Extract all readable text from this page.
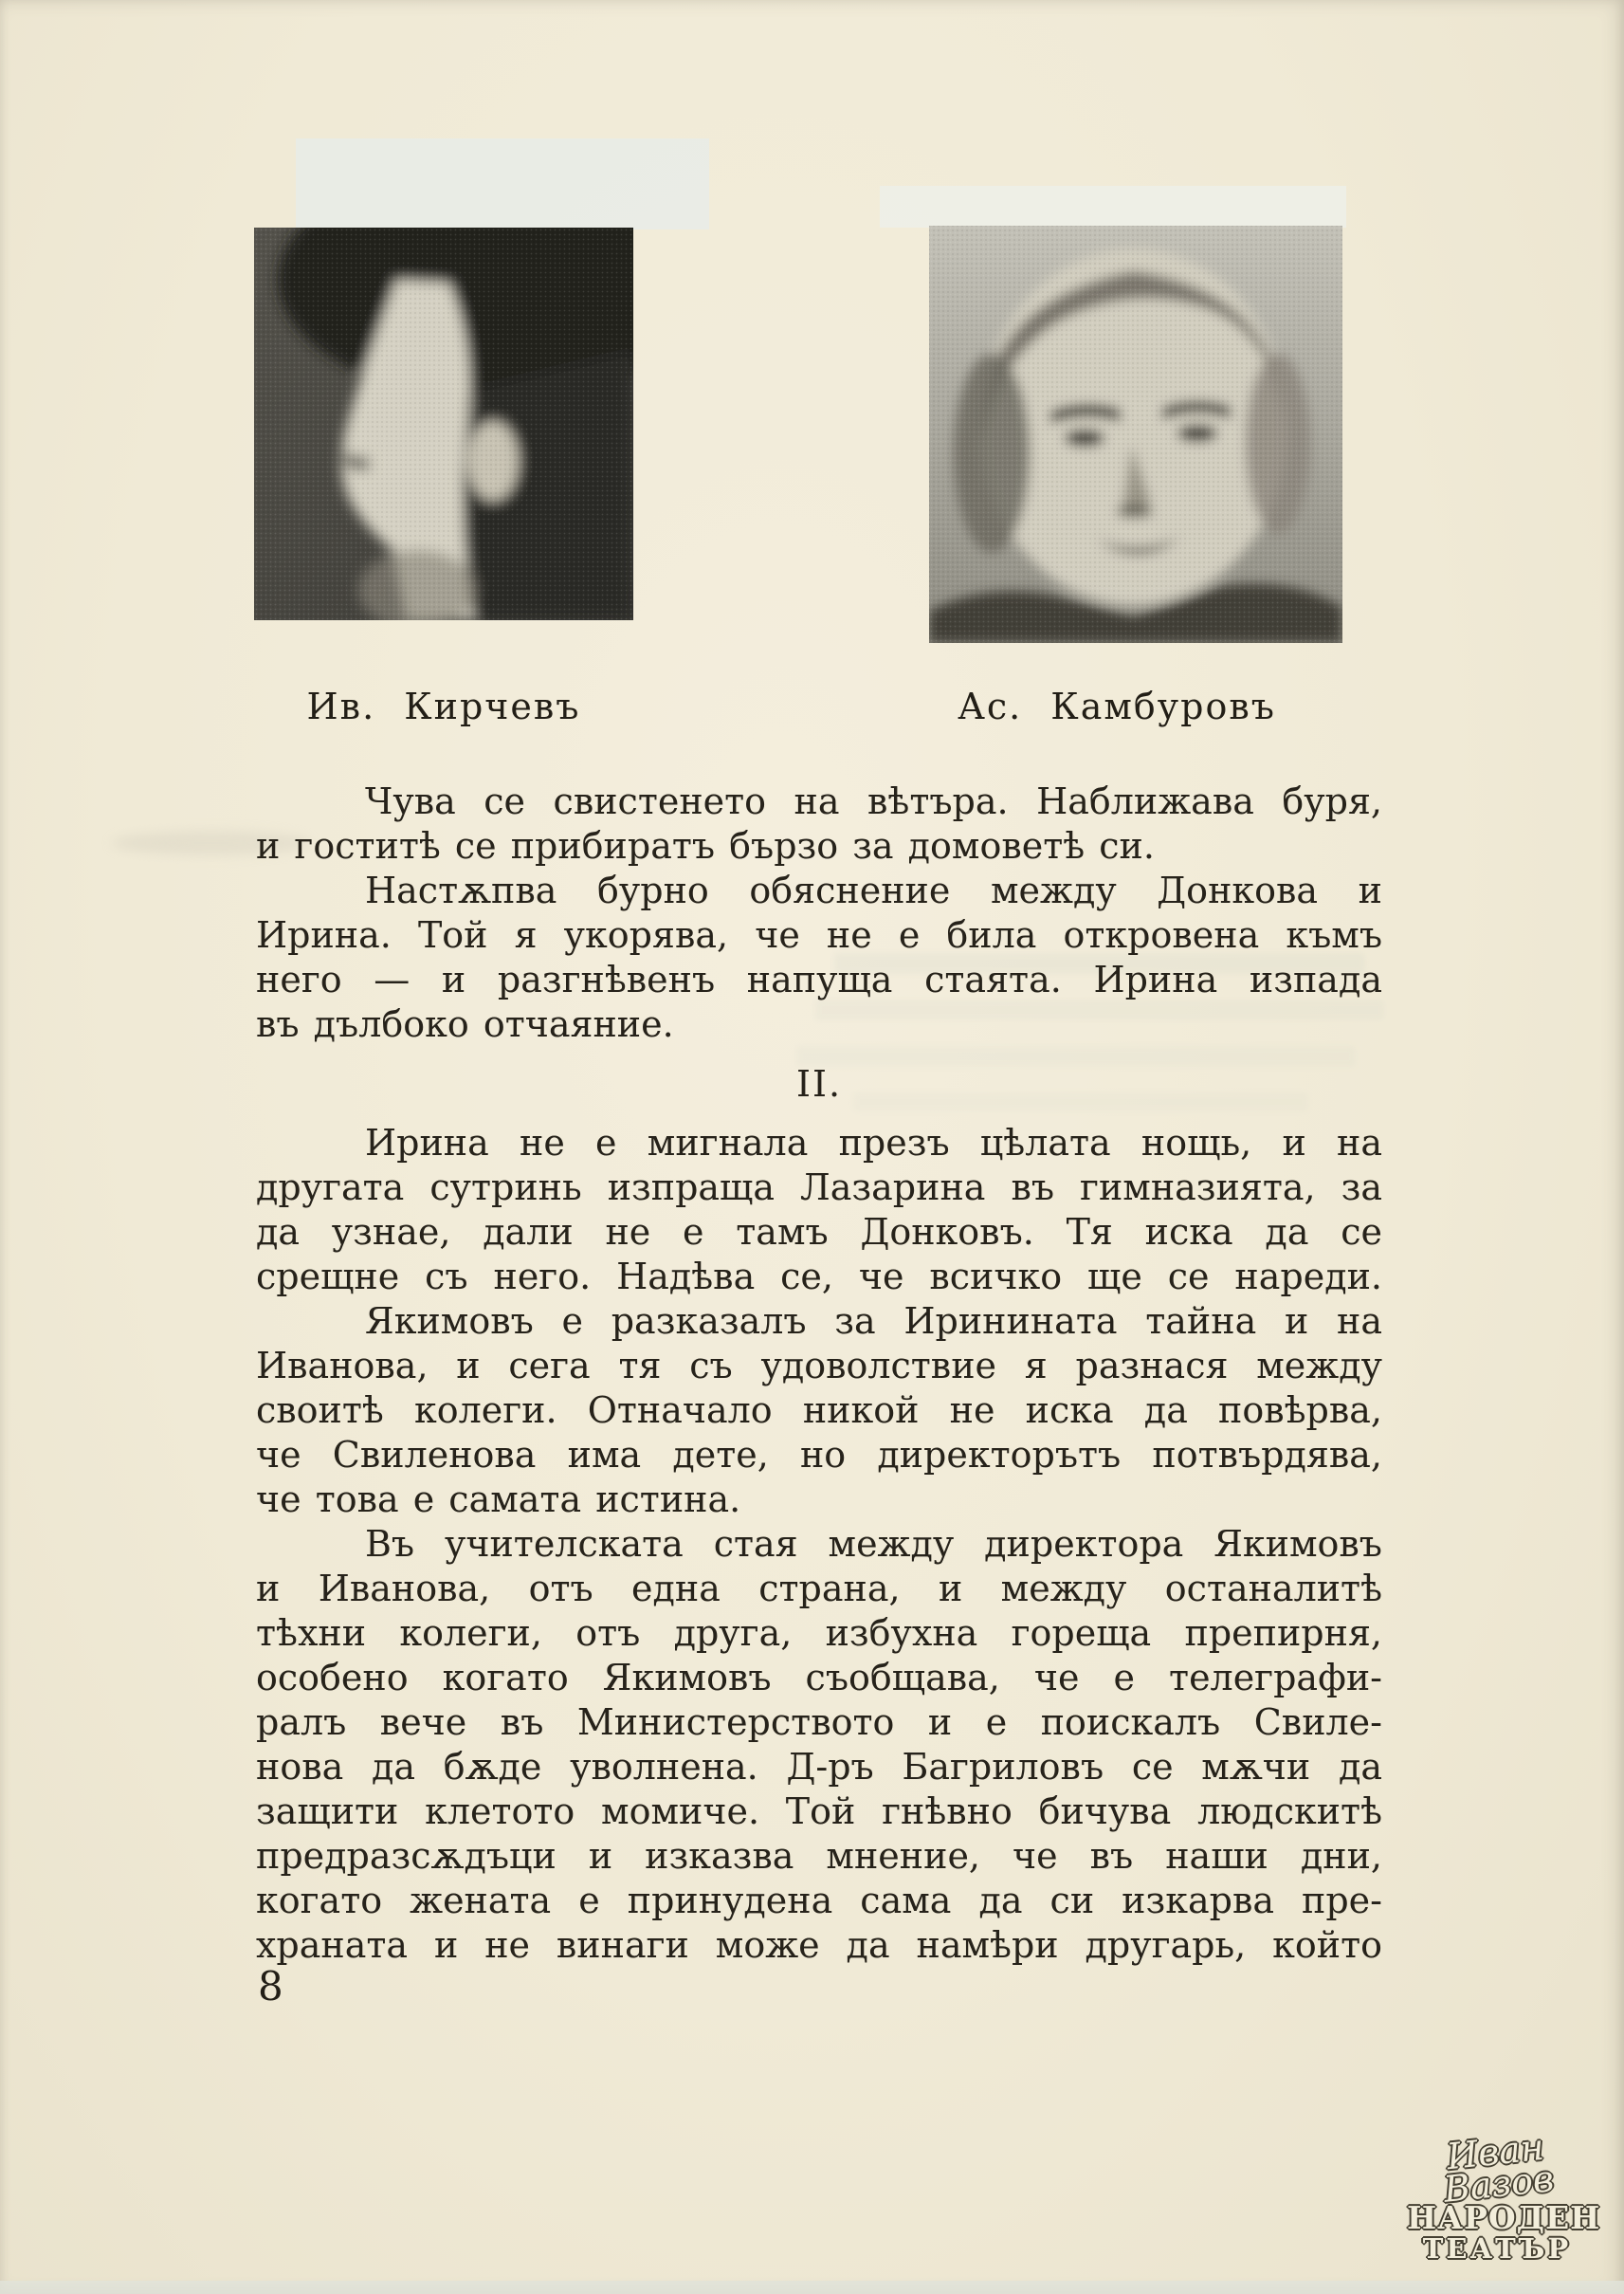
Ив. Кирчевъ	Ас. Камбуровъ
Чува се свистенето на вѣтъра. Наближава буря,
и гоститѣ се прибиратъ бързо за домоветѣ си.
Настѫпва бурно обяснение между Донкова и
Ирина. Той я укорява, че не е била откровена къмъ
него — и разгнѣвенъ напуща стаята. Ирина изпада
въ дълбоко отчаяние.
II.
Ирина не е мигнала презъ цѣлата нощь, и на
другата сутринь изпраща Лазарина въ гимназията, за
да узнае, дали не е тамъ Донковъ. Тя иска да се
срещне съ него. Надѣва се, че всичко ще се нареди.
Якимовъ е разказалъ за Иринината тайна и на
Иванова, и сега тя съ удоволствие я разнася между
своитѣ колеги. Отначало никой не иска да повѣрва,
че Свиленова има дете, но директорътъ потвърдява,
че това е самата истина.
Въ учителската стая между директора Якимовъ
и Иванова, отъ една страна, и между останалитѣ
тѣхни колеги, отъ друга, избухна гореща препирня,
особено когато Якимовъ съобщава, че е телеграфи-
ралъ вече въ Министерството и е поискалъ Свиле-
нова да бѫде уволнена. Д-ръ Багриловъ се мѫчи да
защити клетото момиче. Той гнѣвно бичува людскитѣ
предразсѫдъци и изказва мнение, че въ наши дни,
когато жената е принудена сама да си изкарва пре-
храната и не винаги може да намѣри другарь, който
8
Иван Вазов
НАРОДЕН
ТЕАТЪР
